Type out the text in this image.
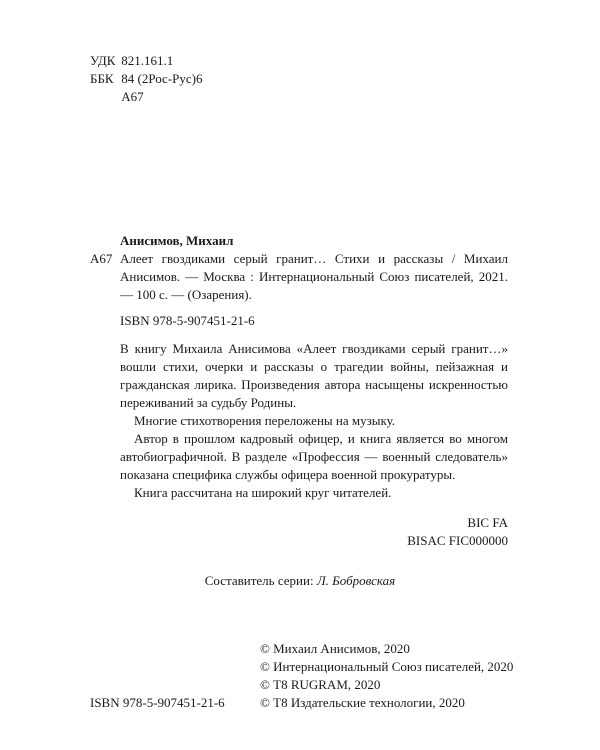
УДК 821.161.1
ББК 84 (2Рос-Рус)6
А67
Анисимов, Михаил
А67 Алеет гвоздиками серый гранит… Стихи и рассказы / Михаил Анисимов. — Москва : Интернациональный Союз писателей, 2021. — 100 с. — (Озарения).
ISBN 978-5-907451-21-6

В книгу Михаила Анисимова «Алеет гвоздиками серый гранит…» вошли стихи, очерки и рассказы о трагедии войны, пейзажная и гражданская лирика. Произведения автора насыщены искренностью переживаний за судьбу Родины.

Многие стихотворения переложены на музыку.

Автор в прошлом кадровый офицер, и книга является во многом автобиографичной. В разделе «Профессия — военный следователь» показана специфика службы офицера военной прокуратуры.

Книга рассчитана на широкий круг читателей.

BIC FA
BISAC FIC000000
Составитель серии: Л. Бобровская
© Михаил Анисимов, 2020
© Интернациональный Союз писателей, 2020
© Т8 RUGRAM, 2020
© Т8 Издательские технологии, 2020
ISBN 978-5-907451-21-6
